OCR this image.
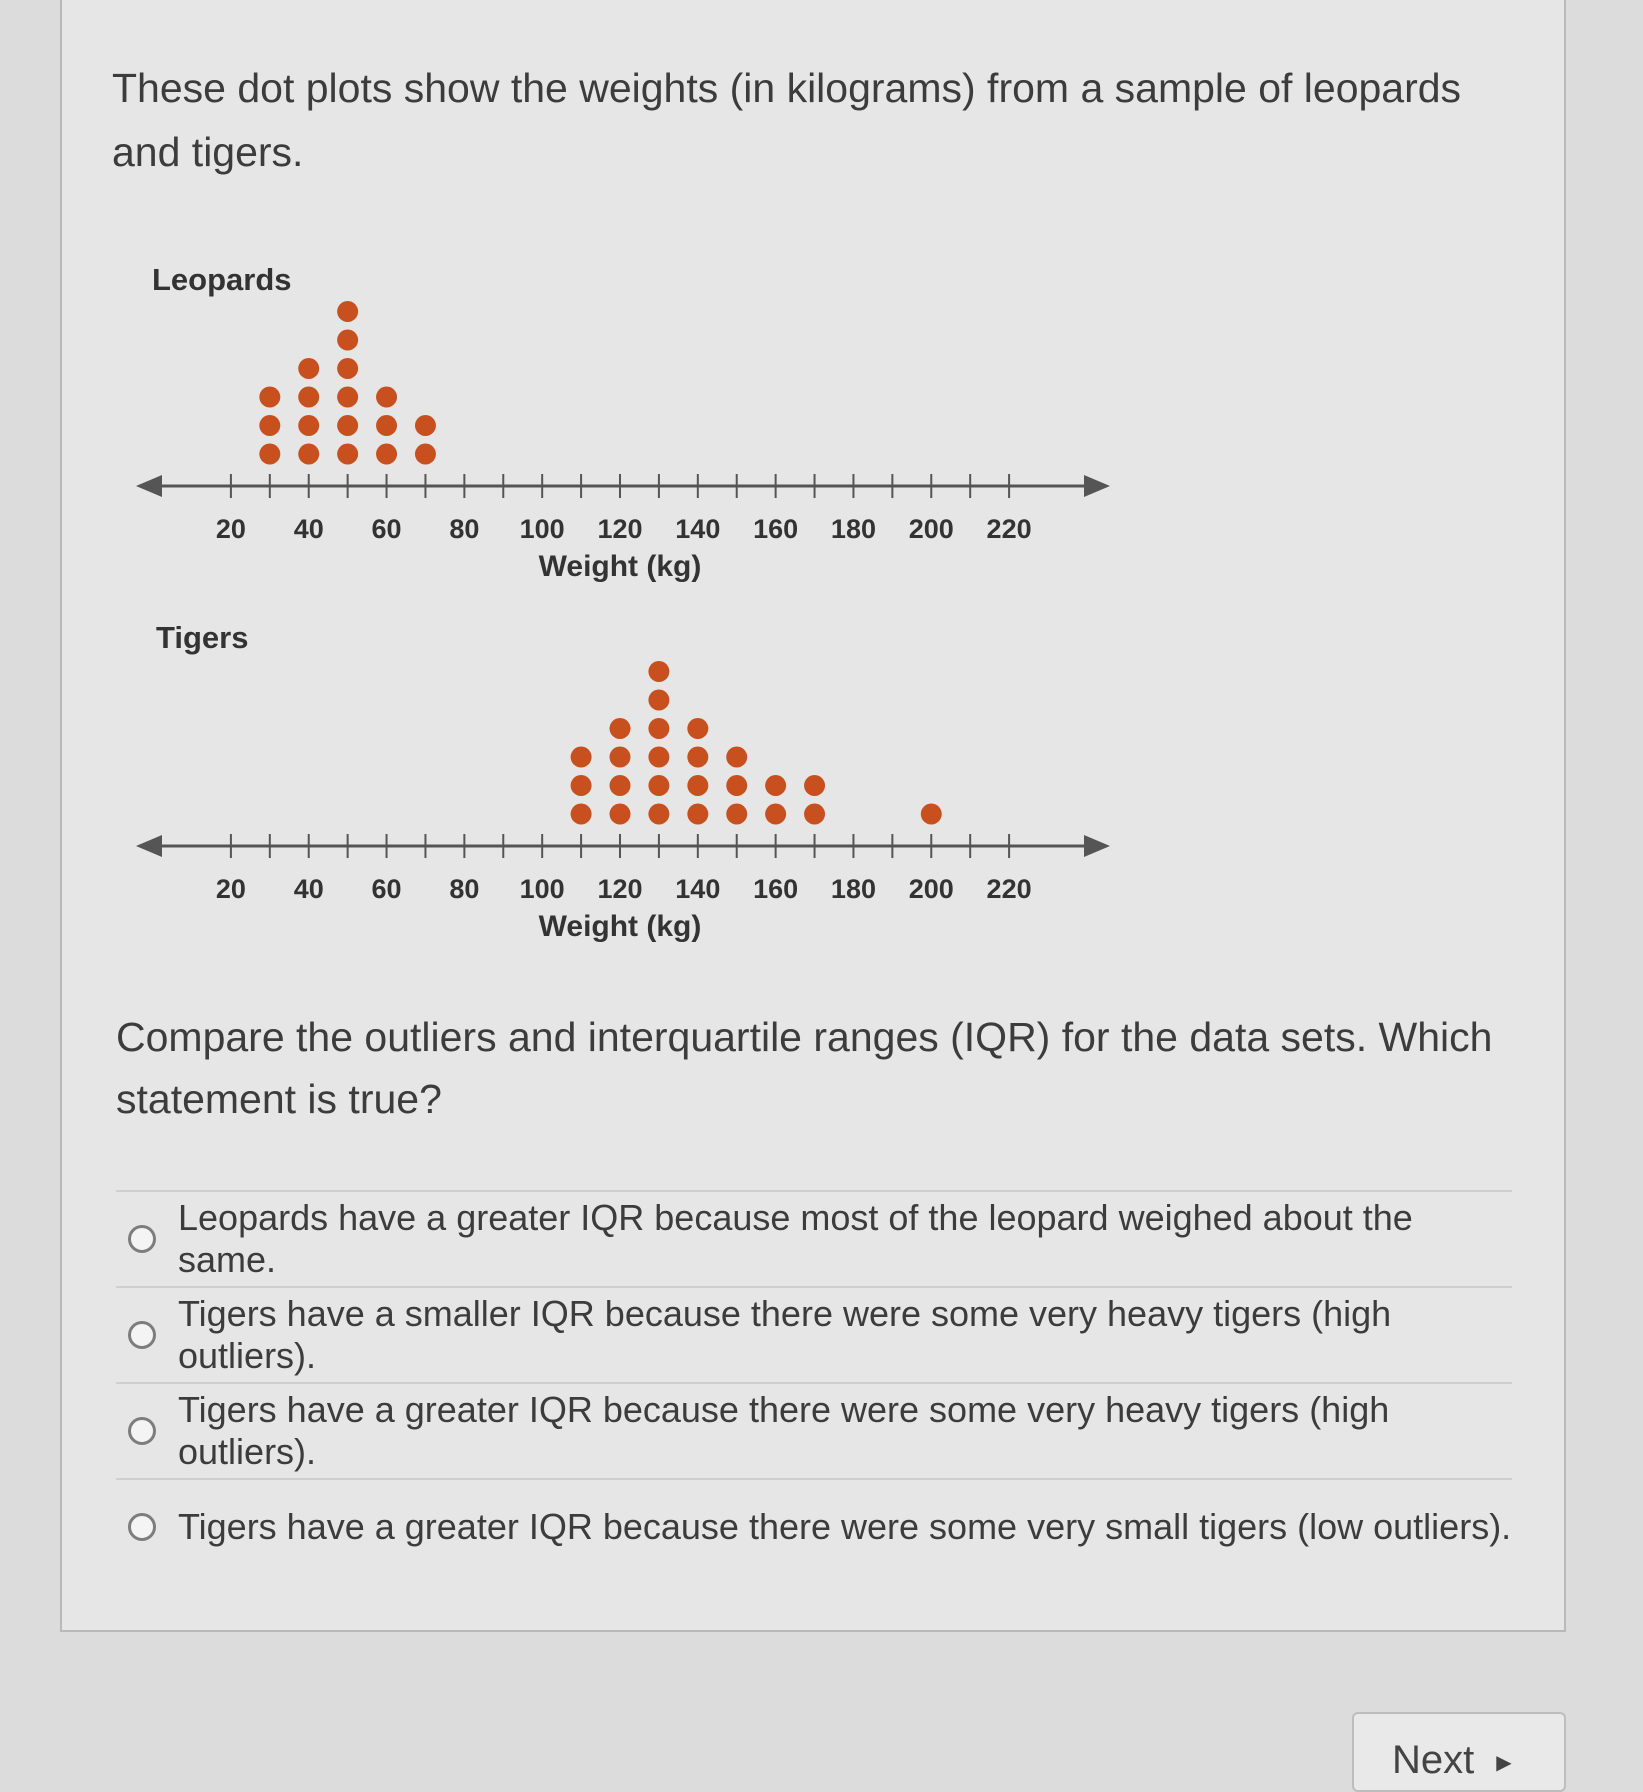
These dot plots show the weights (in kilograms) from a sample of leopards and tigers.
Leopards
20 40 60 80 100 120 140 160 180 200 220
Weight (kg)
Tigers
20 40 60 80 100 120 140 160 180 200 220
Weight (kg)
Compare the outliers and interquartile ranges (IQR) for the data sets. Which statement is true?
Leopards have a greater IQR because most of the leopard weighed about the same.
Tigers have a smaller IQR because there were some very heavy tigers (high outliers).
Tigers have a greater IQR because there were some very heavy tigers (high outliers).
Tigers have a greater IQR because there were some very small tigers (low outliers).
Next ▶
